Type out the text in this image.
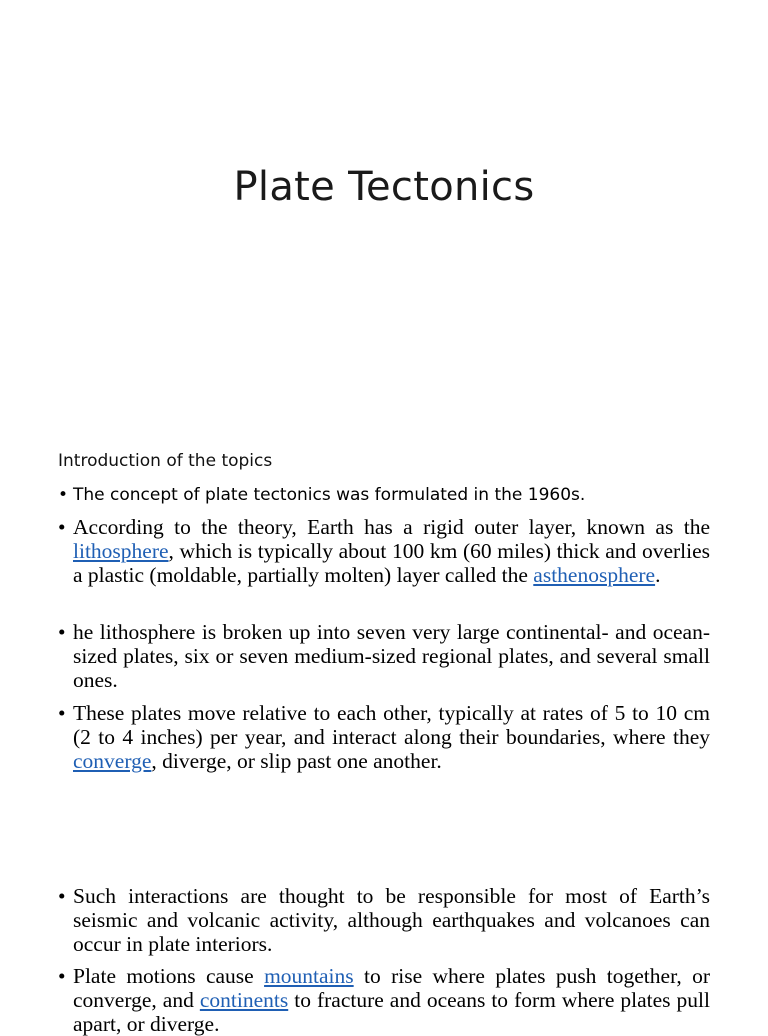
Plate Tectonics
Introduction of the topics
• The concept of plate tectonics was formulated in the 1960s.
• According to the theory, Earth has a rigid outer layer, known as the lithosphere, which is typically about 100 km (60 miles) thick and overlies a plastic (moldable, partially molten) layer called the asthenosphere.
• he lithosphere is broken up into seven very large continental- and ocean-sized plates, six or seven medium-sized regional plates, and several small ones.
• These plates move relative to each other, typically at rates of 5 to 10 cm (2 to 4 inches) per year, and interact along their boundaries, where they converge, diverge, or slip past one another.
• Such interactions are thought to be responsible for most of Earth’s seismic and volcanic activity, although earthquakes and volcanoes can occur in plate interiors.
• Plate motions cause mountains to rise where plates push together, or converge, and continents to fracture and oceans to form where plates pull apart, or diverge.
